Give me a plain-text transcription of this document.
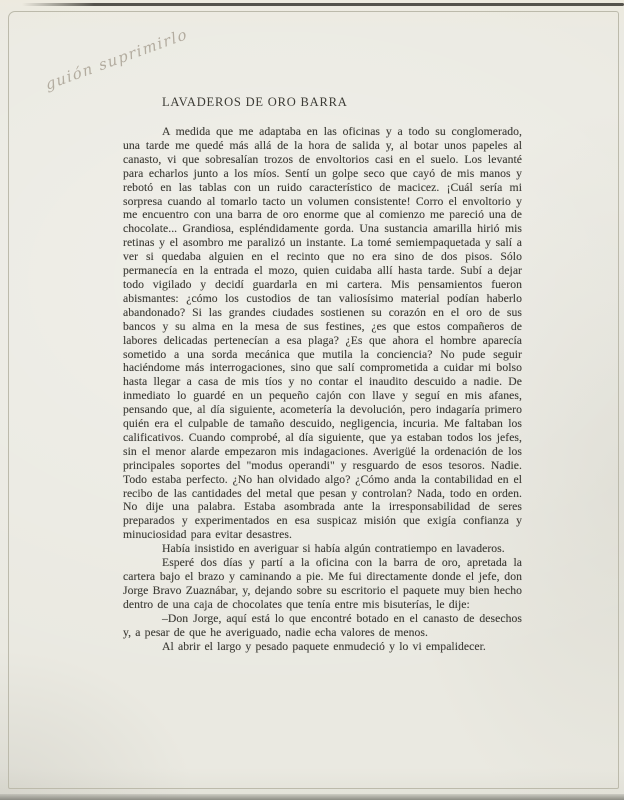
guión suprimirlo
LAVADEROS DE ORO BARRA

A medida que me adaptaba en las oficinas y a todo su conglomerado, una tarde me quedé más allá de la hora de salida y, al botar unos papeles al canasto, vi que sobresalían trozos de envoltorios casi en el suelo. Los levanté para echarlos junto a los míos. Sentí un golpe seco que cayó de mis manos y rebotó en las tablas con un ruido característico de macicez. ¡Cuál sería mi sorpresa cuando al tomarlo tacto un volumen consistente! Corro el envoltorio y me encuentro con una barra de oro enorme que al comienzo me pareció una de chocolate... Grandiosa, espléndidamente gorda. Una sustancia amarilla hirió mis retinas y el asombro me paralizó un instante. La tomé semiempaquetada y salí a ver si quedaba alguien en el recinto que no era sino de dos pisos. Sólo permanecía en la entrada el mozo, quien cuidaba allí hasta tarde. Subí a dejar todo vigilado y decidí guardarla en mi cartera. Mis pensamientos fueron abismantes: ¿cómo los custodios de tan valiosísimo material podían haberlo abandonado? Si las grandes ciudades sostienen su corazón en el oro de sus bancos y su alma en la mesa de sus festines, ¿es que estos compañeros de labores delicadas pertenecían a esa plaga? ¿Es que ahora el hombre aparecía sometido a una sorda mecánica que mutila la conciencia? No pude seguir haciéndome más interrogaciones, sino que salí comprometida a cuidar mi bolso hasta llegar a casa de mis tíos y no contar el inaudito descuido a nadie. De inmediato lo guardé en un pequeño cajón con llave y seguí en mis afanes, pensando que, al día siguiente, acometería la devolución, pero indagaría primero quién era el culpable de tamaño descuido, negligencia, incuria. Me faltaban los calificativos. Cuando comprobé, al día siguiente, que ya estaban todos los jefes, sin el menor alarde empezaron mis indagaciones. Averigüé la ordenación de los principales soportes del "modus operandi" y resguardo de esos tesoros. Nadie. Todo estaba perfecto. ¿No han olvidado algo? ¿Cómo anda la contabilidad en el recibo de las cantidades del metal que pesan y controlan? Nada, todo en orden. No dije una palabra. Estaba asombrada ante la irresponsabilidad de seres preparados y experimentados en esa suspicaz misión que exigía confianza y minuciosidad para evitar desastres.

Había insistido en averiguar si había algún contratiempo en lavaderos.

Esperé dos días y partí a la oficina con la barra de oro, apretada la cartera bajo el brazo y caminando a pie. Me fui directamente donde el jefe, don Jorge Bravo Zuaznábar, y, dejando sobre su escritorio el paquete muy bien hecho dentro de una caja de chocolates que tenía entre mis bisuterías, le dije:

–Don Jorge, aquí está lo que encontré botado en el canasto de desechos y, a pesar de que he averiguado, nadie echa valores de menos.

Al abrir el largo y pesado paquete enmudeció y lo vi empalidecer.
